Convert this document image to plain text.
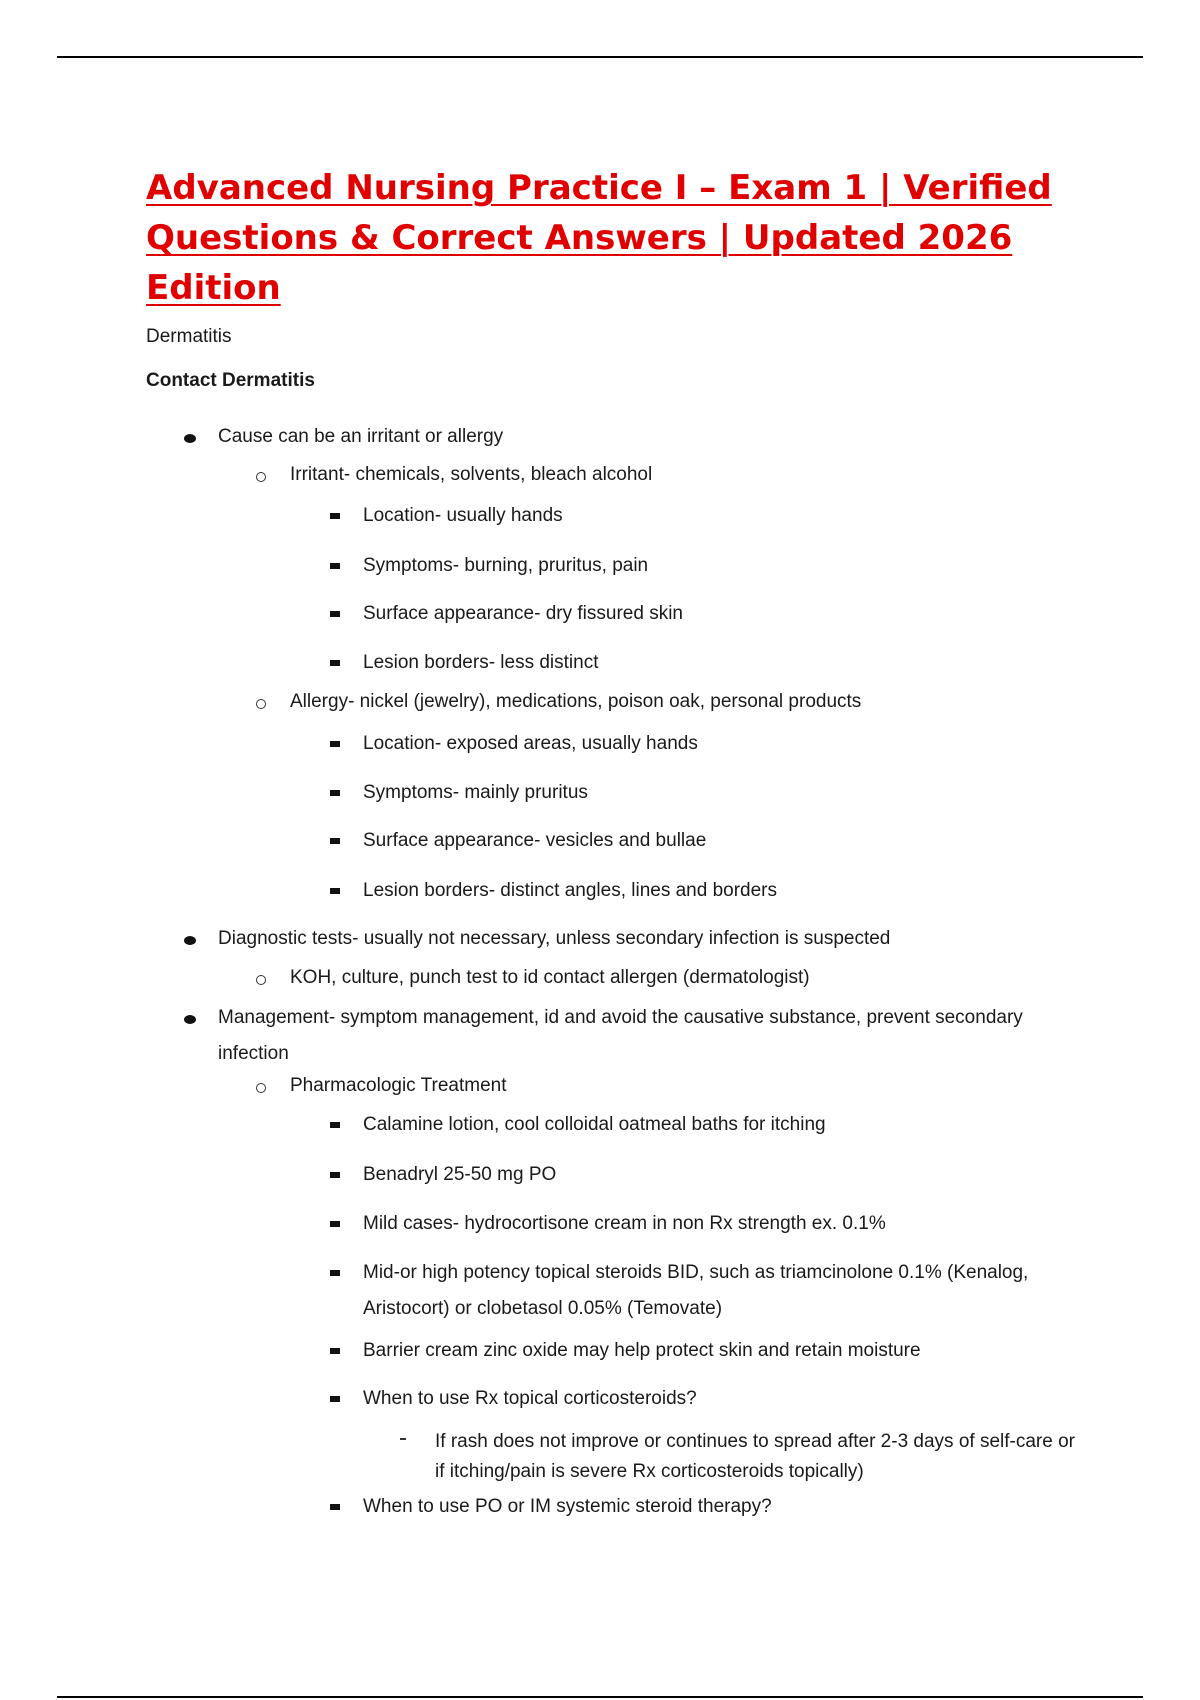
Advanced Nursing Practice I – Exam 1 | Verified Questions & Correct Answers | Updated 2026 Edition

Dermatitis

Contact Dermatitis

Cause can be an irritant or allergy

Irritant- chemicals, solvents, bleach alcohol

Location- usually hands

Symptoms- burning, pruritus, pain

Surface appearance- dry fissured skin

Lesion borders- less distinct

Allergy- nickel (jewelry), medications, poison oak, personal products

Location- exposed areas, usually hands

Symptoms- mainly pruritus

Surface appearance- vesicles and bullae

Lesion borders- distinct angles, lines and borders

Diagnostic tests- usually not necessary, unless secondary infection is suspected

KOH, culture, punch test to id contact allergen (dermatologist)

Management- symptom management, id and avoid the causative substance, prevent secondary infection

Pharmacologic Treatment

Calamine lotion, cool colloidal oatmeal baths for itching

Benadryl 25-50 mg PO

Mild cases- hydrocortisone cream in non Rx strength ex. 0.1%

Mid-or high potency topical steroids BID, such as triamcinolone 0.1% (Kenalog, Aristocort) or clobetasol 0.05% (Temovate)

Barrier cream zinc oxide may help protect skin and retain moisture

When to use Rx topical corticosteroids?

If rash does not improve or continues to spread after 2-3 days of self-care or if itching/pain is severe Rx corticosteroids topically)

When to use PO or IM systemic steroid therapy?
